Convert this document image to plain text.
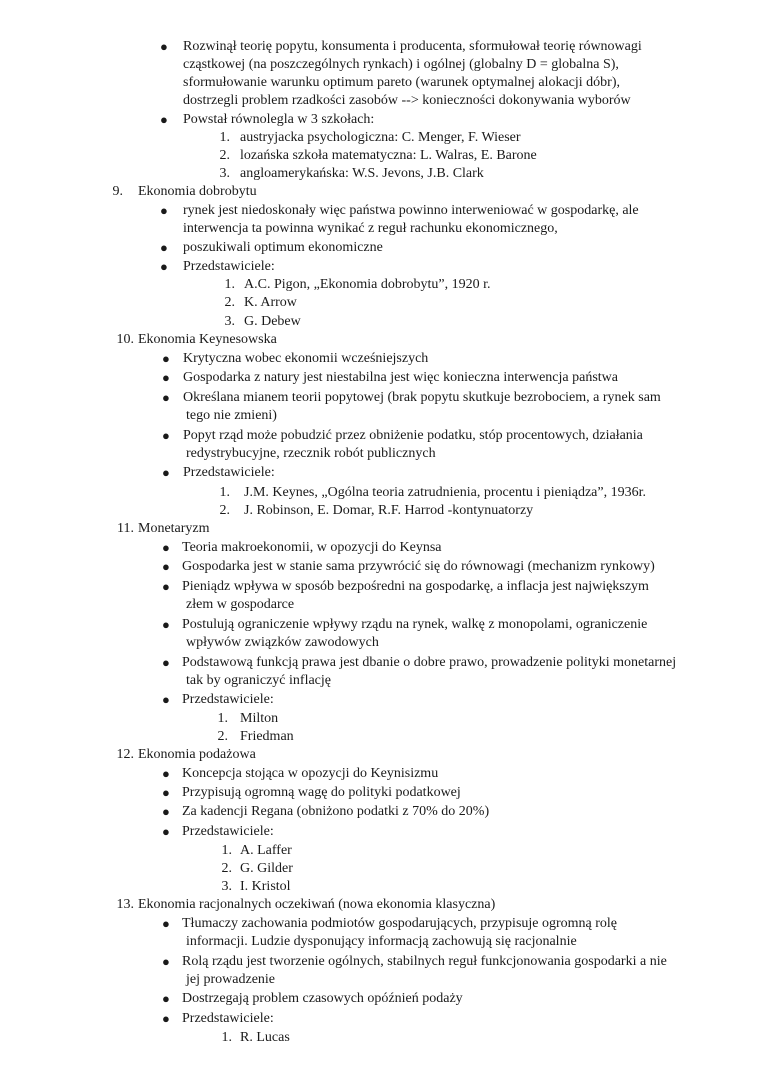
● Rozwinął teorię popytu, konsumenta i producenta, sformułował teorię równowagi
cząstkowej (na poszczególnych rynkach) i ogólnej (globalny D = globalna S),
sformułowanie warunku optimum pareto (warunek optymalnej alokacji dóbr),
dostrzegli problem rzadkości zasobów --> konieczności dokonywania wyborów
● Powstał równolegla w 3 szkołach:
1. austryjacka psychologiczna: C. Menger, F. Wieser
2. lozańska szkoła matematyczna: L. Walras, E. Barone
3. angloamerykańska: W.S. Jevons, J.B. Clark
9. Ekonomia dobrobytu
● rynek jest niedoskonały więc państwa powinno interweniować w gospodarkę, ale
interwencja ta powinna wynikać z reguł rachunku ekonomicznego,
● poszukiwali optimum ekonomiczne
● Przedstawiciele:
1. A.C. Pigon, „Ekonomia dobrobytu”, 1920 r.
2. K. Arrow
3. G. Debew
10. Ekonomia Keynesowska
● Krytyczna wobec ekonomii wcześniejszych
● Gospodarka z natury jest niestabilna jest więc konieczna interwencja państwa
● Określana mianem teorii popytowej (brak popytu skutkuje bezrobociem, a rynek sam
tego nie zmieni)
● Popyt rząd może pobudzić przez obniżenie podatku, stóp procentowych, działania
redystrybucyjne, rzecznik robót publicznych
● Przedstawiciele:
1. J.M. Keynes, „Ogólna teoria zatrudnienia, procentu i pieniądza”, 1936r.
2. J. Robinson, E. Domar, R.F. Harrod -kontynuatorzy
11. Monetaryzm
● Teoria makroekonomii, w opozycji do Keynsa
● Gospodarka jest w stanie sama przywrócić się do równowagi (mechanizm rynkowy)
● Pieniądz wpływa w sposób bezpośredni na gospodarkę, a inflacja jest największym
złem w gospodarce
● Postulują ograniczenie wpływy rządu na rynek, walkę z monopolami, ograniczenie
wpływów związków zawodowych
● Podstawową funkcją prawa jest dbanie o dobre prawo, prowadzenie polityki monetarnej
tak by ograniczyć inflację
● Przedstawiciele:
1. Milton
2. Friedman
12. Ekonomia podażowa
● Koncepcja stojąca w opozycji do Keynisizmu
● Przypisują ogromną wagę do polityki podatkowej
● Za kadencji Regana (obniżono podatki z 70% do 20%)
● Przedstawiciele:
1. A. Laffer
2. G. Gilder
3. I. Kristol
13. Ekonomia racjonalnych oczekiwań (nowa ekonomia klasyczna)
● Tłumaczy zachowania podmiotów gospodarujących, przypisuje ogromną rolę
informacji. Ludzie dysponujący informacją zachowują się racjonalnie
● Rolą rządu jest tworzenie ogólnych, stabilnych reguł funkcjonowania gospodarki a nie
jej prowadzenie
● Dostrzegają problem czasowych opóźnień podaży
● Przedstawiciele:
1. R. Lucas
